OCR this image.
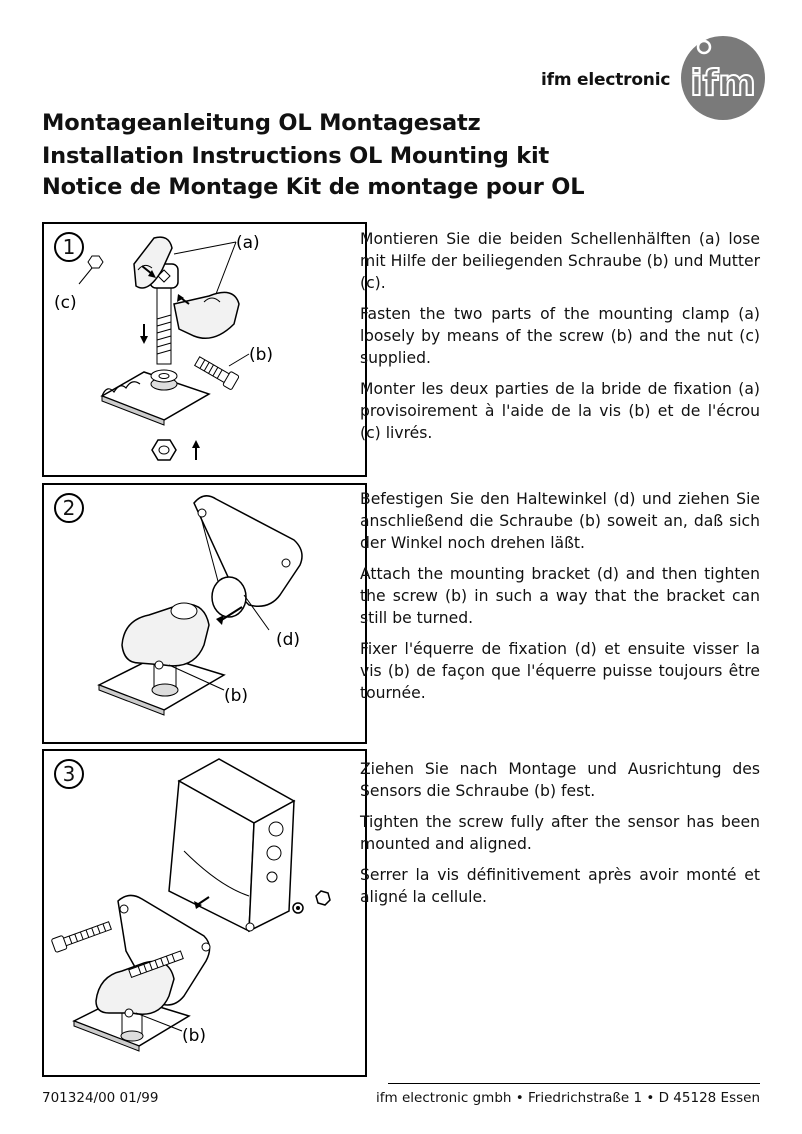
ifm electronic ifm
Montageanleitung OL Montagesatz
Installation Instructions OL Mounting kit
Notice de Montage Kit de montage pour OL
(a)
(b)
(c)
1
(d)
(b)
2
(b)
3

Montieren Sie die beiden Schellenhälften (a) lose mit Hilfe der beiliegenden Schraube (b) und Mutter (c).

Fasten the two parts of the mounting clamp (a) loosely by means of the screw (b) and the nut (c) supplied.

Monter les deux parties de la bride de fixation (a) provisoirement à l'aide de la vis (b) et de l'écrou (c) livrés.

Befestigen Sie den Haltewinkel (d) und ziehen Sie anschließend die Schraube (b) soweit an, daß sich der Winkel noch drehen läßt.

Attach the mounting bracket (d) and then tighten the screw (b) in such a way that the bracket can still be turned.

Fixer l'équerre de fixation (d) et ensuite visser la vis (b) de façon que l'équerre puisse toujours être tournée.

Ziehen Sie nach Montage und Ausrichtung des Sensors die Schraube (b) fest.

Tighten the screw fully after the sensor has been mounted and aligned.

Serrer la vis définitivement après avoir monté et aligné la cellule.

701324/00 01/99	ifm electronic gmbh • Friedrichstraße 1 • D 45128 Essen
